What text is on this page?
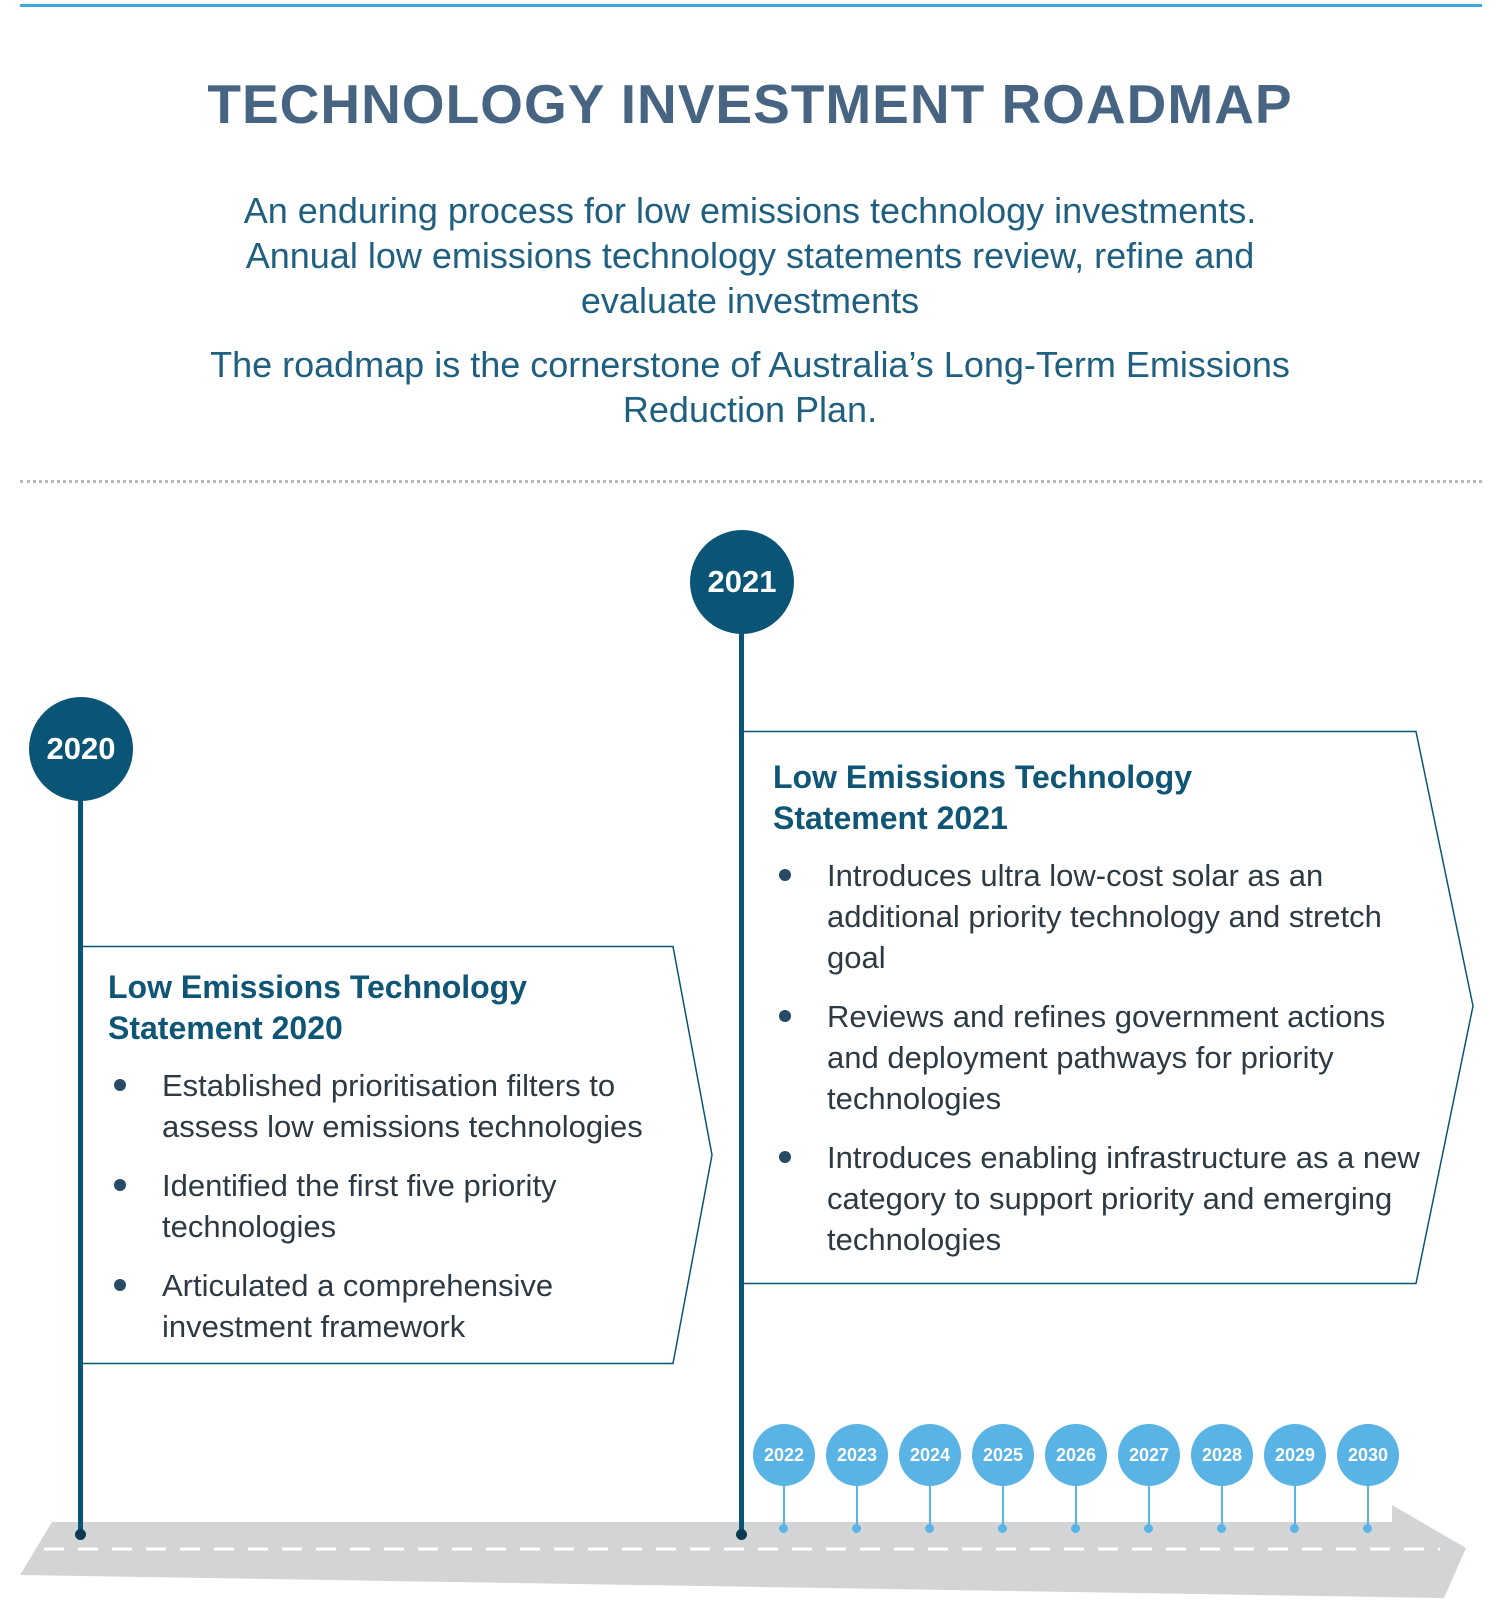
TECHNOLOGY INVESTMENT ROADMAP
An enduring process for low emissions technology investments.
Annual low emissions technology statements review, refine and
evaluate investments
The roadmap is the cornerstone of Australia’s Long-Term Emissions
Reduction Plan.
2020
Low Emissions Technology
Statement 2020
Established prioritisation filters to assess low emissions technologies
Identified the first five priority technologies
Articulated a comprehensive investment framework
2021
Low Emissions Technology
Statement 2021
Introduces ultra low-cost solar as an additional priority technology and stretch goal
Reviews and refines government actions and deployment pathways for priority technologies
Introduces enabling infrastructure as a new category to support priority and emerging technologies
2022 2023 2024 2025 2026 2027 2028 2029 2030
